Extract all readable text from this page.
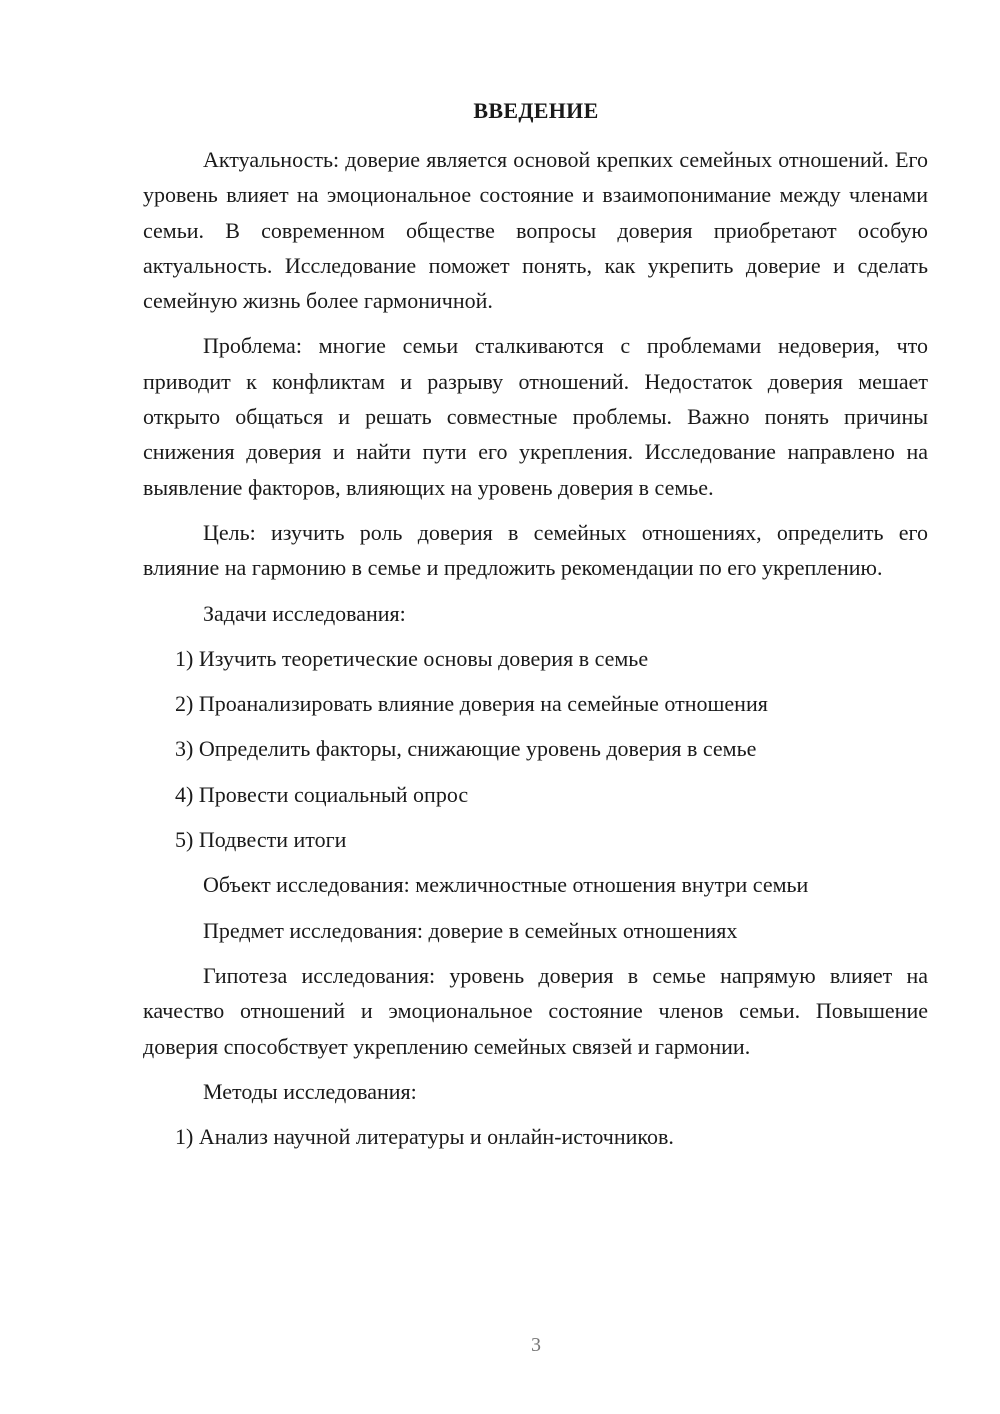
ВВЕДЕНИЕ

Актуальность: доверие является основой крепких семейных отношений. Его уровень влияет на эмоциональное состояние и взаимопонимание между членами семьи. В современном обществе вопросы доверия приобретают особую актуальность. Исследование поможет понять, как укрепить доверие и сделать семейную жизнь более гармоничной.

Проблема: многие семьи сталкиваются с проблемами недоверия, что приводит к конфликтам и разрыву отношений. Недостаток доверия мешает открыто общаться и решать совместные проблемы. Важно понять причины снижения доверия и найти пути его укрепления. Исследование направлено на выявление факторов, влияющих на уровень доверия в семье.

Цель: изучить роль доверия в семейных отношениях, определить его влияние на гармонию в семье и предложить рекомендации по его укреплению.

Задачи исследования:

1) Изучить теоретические основы доверия в семье

2) Проанализировать влияние доверия на семейные отношения

3) Определить факторы, снижающие уровень доверия в семье

4) Провести социальный опрос

5) Подвести итоги

Объект исследования: межличностные отношения внутри семьи

Предмет исследования: доверие в семейных отношениях

Гипотеза исследования: уровень доверия в семье напрямую влияет на качество отношений и эмоциональное состояние членов семьи. Повышение доверия способствует укреплению семейных связей и гармонии.

Методы исследования:

1) Анализ научной литературы и онлайн-источников.

3
